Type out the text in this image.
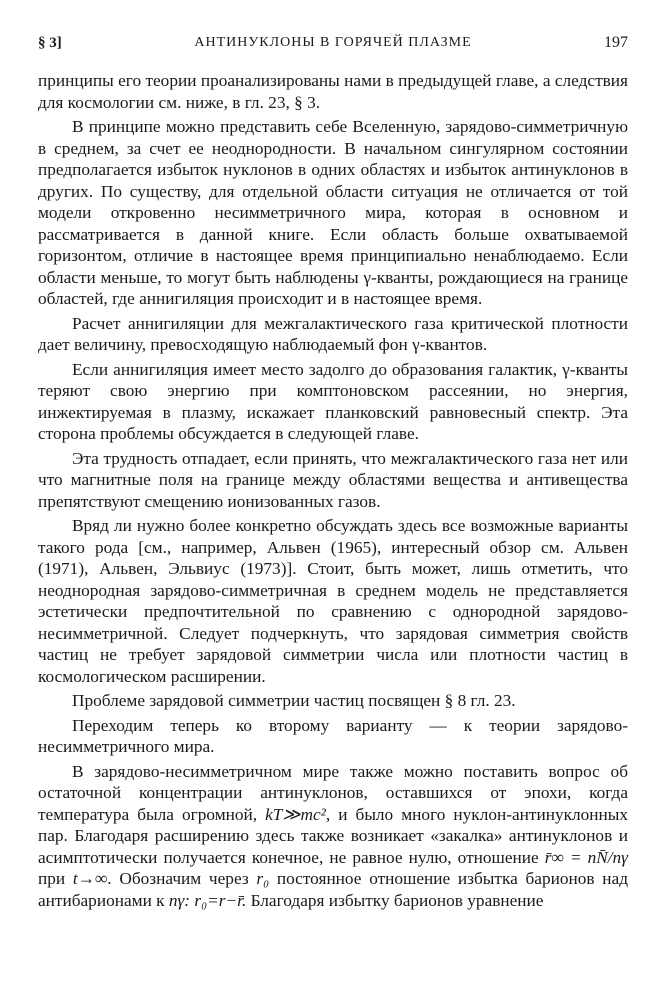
§ 3]	АНТИНУКЛОНЫ В ГОРЯЧЕЙ ПЛАЗМЕ	197

принципы его теории проанализированы нами в предыдущей главе, а следствия для космологии см. ниже, в гл. 23, § 3.

В принципе можно представить себе Вселенную, зарядово-симметричную в среднем, за счет ее неоднородности. В начальном сингулярном состоянии предполагается избыток нуклонов в одних областях и избыток антинуклонов в других. По существу, для отдельной области ситуация не отличается от той модели откровенно несимметричного мира, которая в основном и рассматривается в данной книге. Если область больше охватываемой горизонтом, отличие в настоящее время принципиально ненаблюдаемо. Если области меньше, то могут быть наблюдены γ-кванты, рождающиеся на границе областей, где аннигиляция происходит и в настоящее время.

Расчет аннигиляции для межгалактического газа критической плотности дает величину, превосходящую наблюдаемый фон γ-квантов.

Если аннигиляция имеет место задолго до образования галактик, γ-кванты теряют свою энергию при комптоновском рассеянии, но энергия, инжектируемая в плазму, искажает планковский равновесный спектр. Эта сторона проблемы обсуждается в следующей главе.

Эта трудность отпадает, если принять, что межгалактического газа нет или что магнитные поля на границе между областями вещества и антивещества препятствуют смещению ионизованных газов.

Вряд ли нужно более конкретно обсуждать здесь все возможные варианты такого рода [см., например, Альвен (1965), интересный обзор см. Альвен (1971), Альвен, Эльвиус (1973)]. Стоит, быть может, лишь отметить, что неоднородная зарядово-симметричная в среднем модель не представляется эстетически предпочтительной по сравнению с однородной зарядово-несимметричной. Следует подчеркнуть, что зарядовая симметрия свойств частиц не требует зарядовой симметрии числа или плотности частиц в космологическом расширении.

Проблеме зарядовой симметрии частиц посвящен § 8 гл. 23.

Переходим теперь ко второму варианту — к теории зарядово-несимметричного мира.

В зарядово-несимметричном мире также можно поставить вопрос об остаточной концентрации антинуклонов, оставшихся от эпохи, когда температура была огромной, kT≫mc², и было много нуклон-антинуклонных пар. Благодаря расширению здесь также возникает «закалка» антинуклонов и асимптотически получается конечное, не равное нулю, отношение r̄∞ = nN̄/nγ при t→∞. Обозначим через r₀ постоянное отношение избытка барионов над антибарионами к nγ: r₀=r−r̄. Благодаря избытку барионов уравнение
